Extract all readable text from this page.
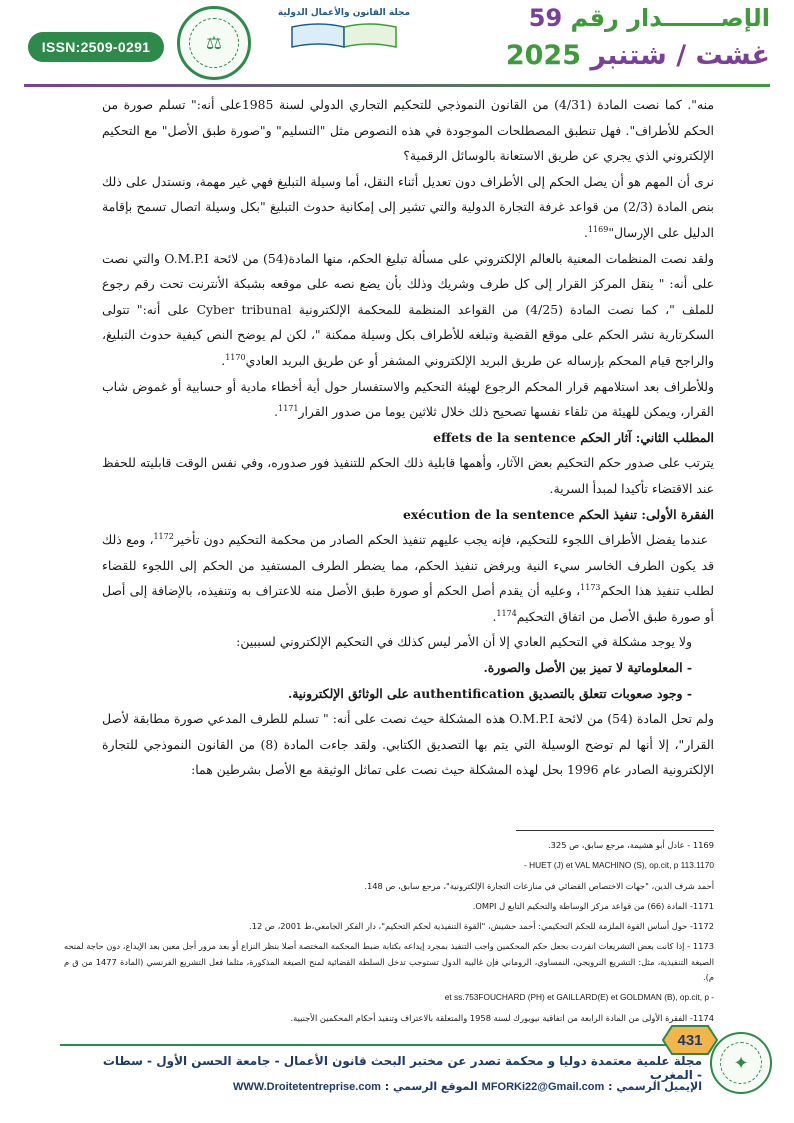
ISSN:2509-0291	⚖
مجلة القانون والأعمال الدولية	الإصـــــــدار رقم 59
غشت / شتنبر 2025

منه". كما نصت المادة (4/31) من القانون النموذجي للتحكيم التجاري الدولي لسنة 1985على أنه:" تسلم صورة من الحكم للأطراف". فهل تنطبق المصطلحات الموجودة في هذه النصوص مثل "التسليم" و"صورة طبق الأصل" مع التحكيم الإلكتروني الذي يجري عن طريق الاستعانة بالوسائل الرقمية؟

نرى أن المهم هو أن يصل الحكم إلى الأطراف دون تعديل أثناء النقل، أما وسيلة التبليغ فهي غير مهمة، ونستدل على ذلك بنص المادة (2/3) من قواعد غرفة التجارة الدولية والتي تشير إلى إمكانية حدوث التبليغ "بكل وسيلة اتصال تسمح بإقامة الدليل على الإرسال"$^{1169}$.

ولقد نصت المنظمات المعنية بالعالم الإلكتروني على مسألة تبليغ الحكم، منها المادة(54) من لائحة O.M.P.I والتي نصت على أنه: " ينقل المركز القرار إلى كل طرف وشريك وذلك بأن يضع نصه على موقعه بشبكة الأنترنت تحت رقم رجوع للملف "، كما نصت المادة (4/25) من القواعد المنظمة للمحكمة الإلكترونية Cyber tribunal على أنه:" تتولى السكرتارية نشر الحكم على موقع القضية وتبلغه للأطراف بكل وسيلة ممكنة "، لكن لم يوضح النص كيفية حدوث التبليغ، والراجح قيام المحكم بإرساله عن طريق البريد الإلكتروني المشفر أو عن طريق البريد العادي$^{1170}$.

وللأطراف بعد استلامهم قرار المحكم الرجوع لهيئة التحكيم والاستفسار حول أية أخطاء مادية أو حسابية أو غموض شاب القرار، ويمكن للهيئة من تلقاء نفسها تصحيح ذلك خلال ثلاثين يوما من صدور القرار$^{1171}$.

المطلب الثاني: آثار الحكم effets de la sentence

يترتب على صدور حكم التحكيم بعض الآثار، وأهمها قابلية ذلك الحكم للتنفيذ فور صدوره، وفي نفس الوقت قابليته للحفظ عند الاقتضاء تأكيدا لمبدأ السرية.

الفقرة الأولى: تنفيذ الحكم exécution de la sentence

عندما يفضل الأطراف اللجوء للتحكيم، فإنه يجب عليهم تنفيذ الحكم الصادر من محكمة التحكيم دون تأخير$^{1172}$، ومع ذلك قد يكون الطرف الخاسر سيء النية ويرفض تنفيذ الحكم، مما يضطر الطرف المستفيد من الحكم إلى اللجوء للقضاء لطلب تنفيذ هذا الحكم$^{1173}$، وعليه أن يقدم أصل الحكم أو صورة طبق الأصل منه للاعتراف به وتنفيذه، بالإضافة إلى أصل أو صورة طبق الأصل من اتفاق التحكيم$^{1174}$.

ولا يوجد مشكلة في التحكيم العادي إلا أن الأمر ليس كذلك في التحكيم الإلكتروني لسببين:

- المعلوماتية لا تميز بين الأصل والصورة.

- وجود صعوبات تتعلق بالتصديق authentification على الوثائق الإلكترونية.

ولم تحل المادة (54) من لائحة O.M.P.I هذه المشكلة حيث نصت على أنه: " تسلم للطرف المدعي صورة مطابقة لأصل القرار"، إلا أنها لم توضح الوسيلة التي يتم بها التصديق الكتابي. ولقد جاءت المادة (8) من القانون النموذجي للتجارة الإلكترونية الصادر عام 1996 بحل لهذه المشكلة حيث نصت على تماثل الوثيقة مع الأصل بشرطين هما:

1169 - عادل أبو هشيمة، مرجع سابق، ص 325.

- HUET (J) et VAL MACHINO (S), op.cit, p 113.1170

أحمد شرف الدين، "جهات الاختصاص القضائي في منازعات التجارة الإلكترونية"، مرجع سابق، ص 148.

1171- المادة (66) من قواعد مركز الوساطة والتحكيم التابع ل OMPI.

1172- حول أساس القوة الملزمة للحكم التحكيمي: أحمد حشيش، "القوة التنفيذية لحكم التحكيم"، دار الفكر الجامعي،ط 2001، ص 12.

1173 - إذا كانت بعض التشريعات انفردت بجعل حكم المحكمين واجب التنفيذ بمجرد إيداعه بكتابة ضبط المحكمة المختصة أصلا بنظر النزاع أو بعد مرور أجل معين بعد الإيداع، دون حاجة لمنحه الصيغة التنفيذية، مثل: التشريع النرويجي، النمساوي، الروماني فإن غالبية الدول تستوجب تدخل السلطة القضائية لمنح الصيغة المذكورة، مثلما فعل التشريع الفرنسي (المادة 1477 من ق م م).

et ss.753FOUCHARD (PH) et GAILLARD(E) et GOLDMAN (B), op.cit, p -

1174- الفقرة الأولى من المادة الرابعة من اتفاقية نيويورك لسنة 1958 والمتعلقة بالاعتراف وتنفيذ أحكام المحكمين الأجنبية.

431
✦
مجلة علمية معتمدة دوليا و محكمة تصدر عن مختبر البحث قانون الأعمال - جامعة الحسن الأول - سطات - المغرب
الإيميل الرسمي : MFORKi22@Gmail.com الموقع الرسمي : WWW.Droitetentreprise.com
